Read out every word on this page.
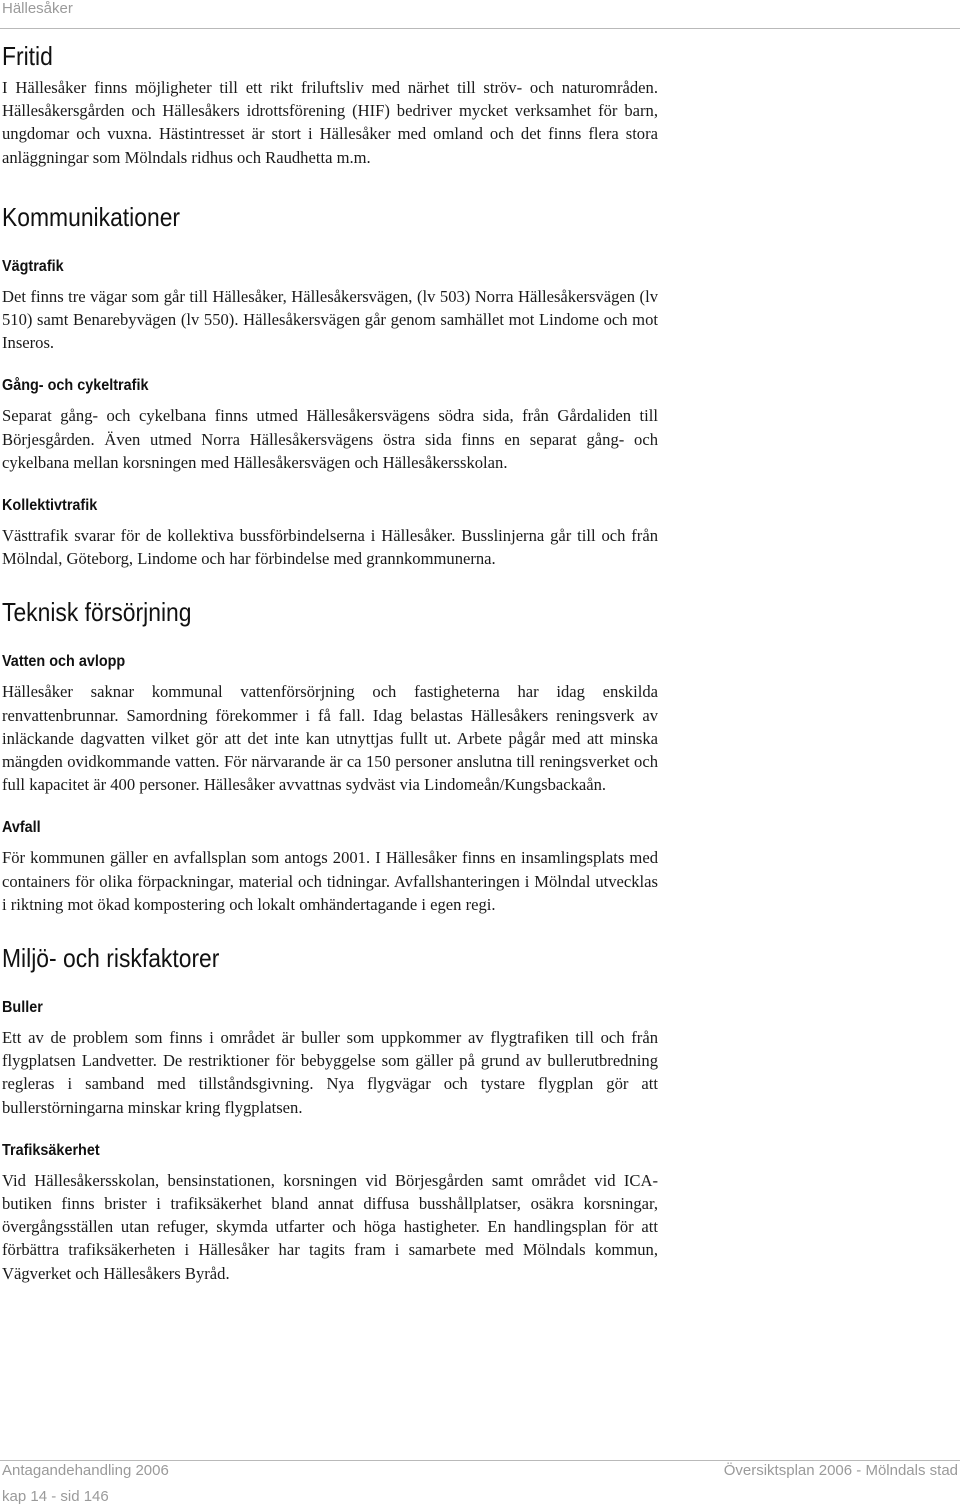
Hällesåker
Fritid

I Hällesåker finns möjligheter till ett rikt friluftsliv med närhet till ströv- och naturområden. Hällesåkersgården och Hällesåkers idrottsförening (HIF) bedriver mycket verksamhet för barn, ungdomar och vuxna. Hästintresset är stort i Hällesåker med omland och det finns flera stora anläggningar som Mölndals ridhus och Raudhetta m.m.

Kommunikationer
Vägtrafik

Det finns tre vägar som går till Hällesåker, Hällesåkersvägen, (lv 503) Norra Hällesåkersvägen (lv 510) samt Benarebyvägen (lv 550). Hällesåkersvägen går genom samhället mot Lindome och mot Inseros.

Gång- och cykeltrafik

Separat gång- och cykelbana finns utmed Hällesåkersvägens södra sida, från Gårdaliden till Börjesgården. Även utmed Norra Hällesåkersvägens östra sida finns en separat gång- och cykelbana mellan korsningen med Hällesåkersvägen och Hällesåkersskolan.

Kollektivtrafik

Västtrafik svarar för de kollektiva bussförbindelserna i Hällesåker. Busslinjerna går till och från Mölndal, Göteborg, Lindome och har förbindelse med grannkommunerna.

Teknisk försörjning
Vatten och avlopp

Hällesåker saknar kommunal vattenförsörjning och fastigheterna har idag enskilda renvattenbrunnar. Samordning förekommer i få fall. Idag belastas Hällesåkers reningsverk av inläckande dagvatten vilket gör att det inte kan utnyttjas fullt ut. Arbete pågår med att minska mängden ovidkommande vatten. För närvarande är ca 150 personer anslutna till reningsverket och full kapacitet är 400 personer. Hällesåker avvattnas sydväst via Lindomeån/Kungsbackaån.

Avfall

För kommunen gäller en avfallsplan som antogs 2001. I Hällesåker finns en insamlingsplats med containers för olika förpackningar, material och tidningar. Avfallshanteringen i Mölndal utvecklas i riktning mot ökad kompostering och lokalt omhändertagande i egen regi.

Miljö- och riskfaktorer
Buller

Ett av de problem som finns i området är buller som uppkommer av flygtrafiken till och från flygplatsen Landvetter. De restriktioner för bebyggelse som gäller på grund av bullerutbredning regleras i samband med tillståndsgivning. Nya flygvägar och tystare flygplan gör att bullerstörningarna minskar kring flygplatsen.

Trafiksäkerhet

Vid Hällesåkersskolan, bensinstationen, korsningen vid Börjesgården samt området vid ICA-butiken finns brister i trafiksäkerhet bland annat diffusa busshållplatser, osäkra korsningar, övergångsställen utan refuger, skymda utfarter och höga hastigheter. En handlingsplan för att förbättra trafiksäkerheten i Hällesåker har tagits fram i samarbete med Mölndals kommun, Vägverket och Hällesåkers Byråd.

Antagandehandling 2006	Översiktsplan 2006 - Mölndals stad
kap 14 - sid 146
